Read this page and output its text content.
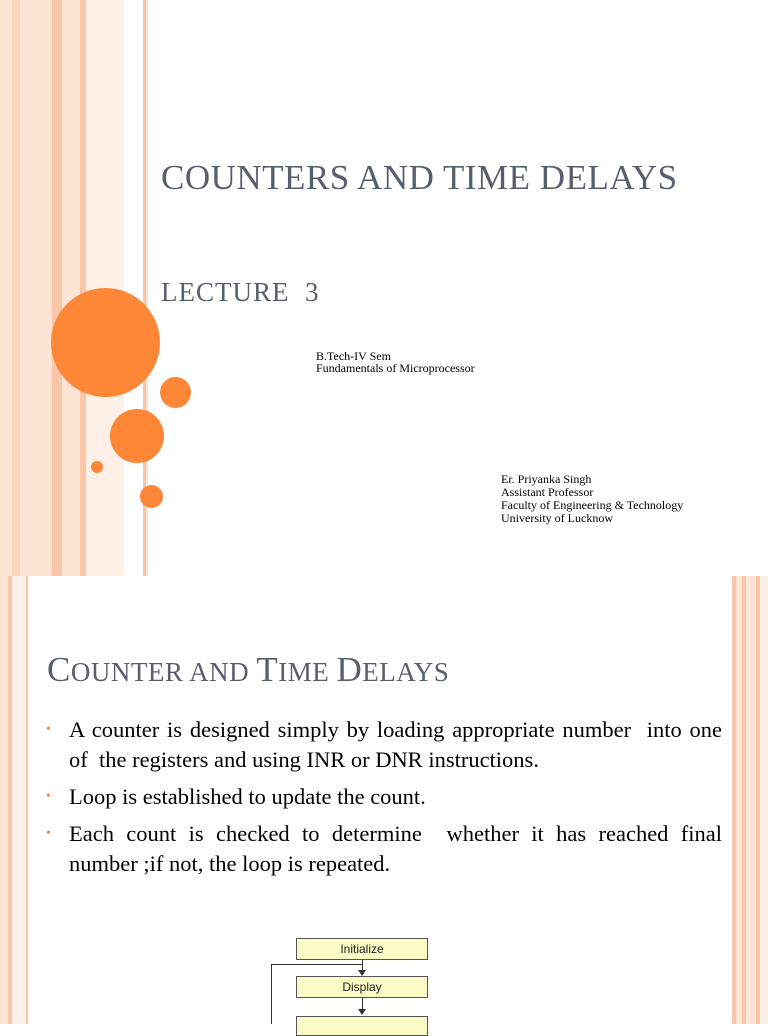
COUNTERS AND TIME DELAYS
LECTURE  3
B.Tech-IV Sem
Fundamentals of Microprocessor
Er. Priyanka Singh
Assistant Professor
Faculty of Engineering & Technology
University of Lucknow
COUNTER AND TIME DELAYS
• A counter is designed simply by loading appropriate number  into one of  the registers and using INR or DNR instructions.
• Loop is established to update the count.
• Each count is checked to determine  whether it has reached final number ;if not, the loop is repeated.
Initialize
Display
